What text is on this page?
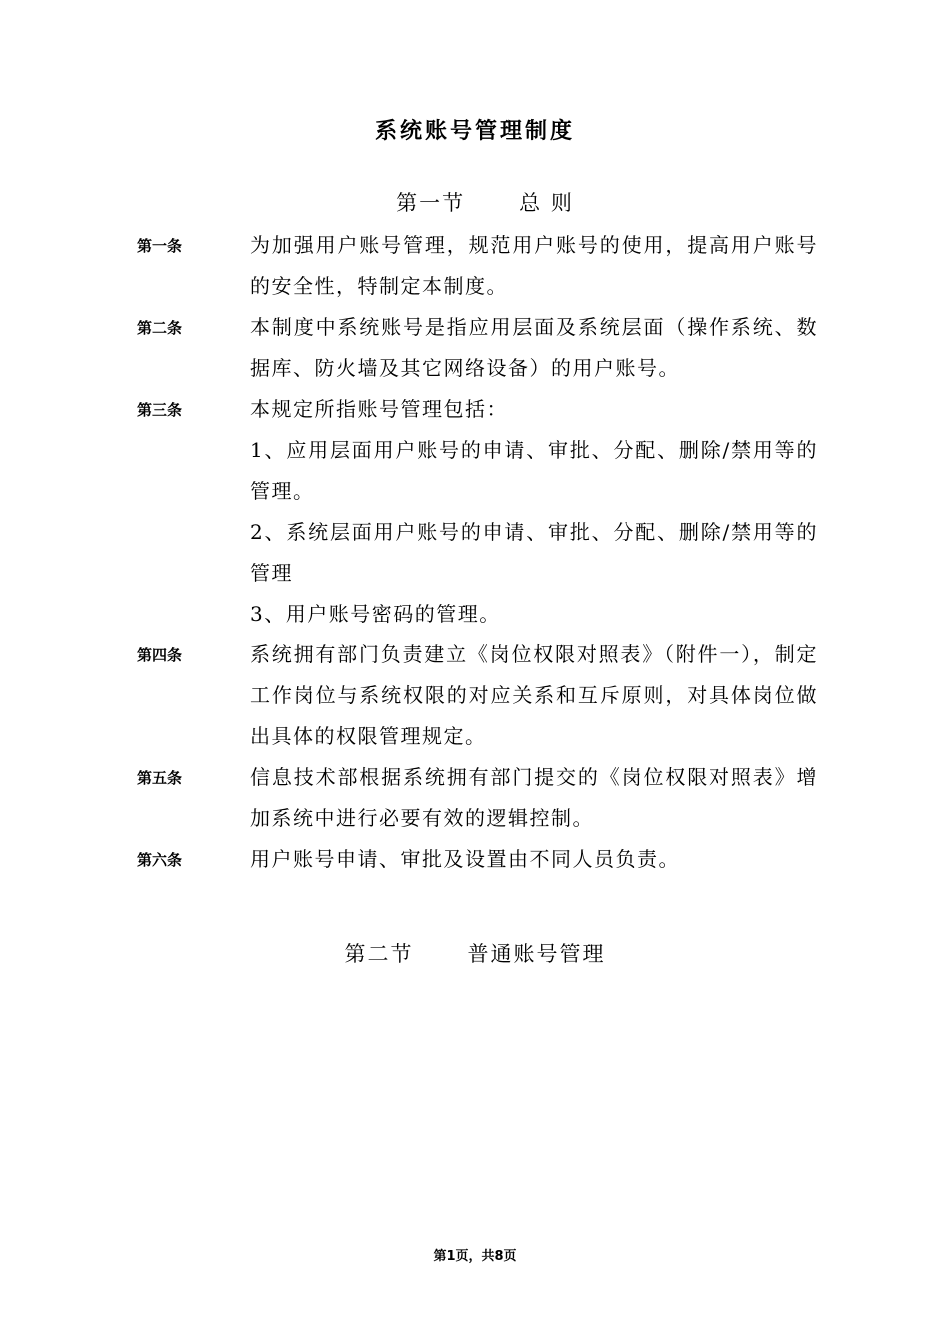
系统账号管理制度
第一节	总 则
第一条	为加强用户账号管理，规范用户账号的使用，提高用户账号的安全性，特制定本制度。

第二条	本制度中系统账号是指应用层面及系统层面（操作系统、数据库、防火墙及其它网络设备）的用户账号。

第三条	本规定所指账号管理包括：

1、应用层面用户账号的申请、审批、分配、删除/禁用等的管理。

2、系统层面用户账号的申请、审批、分配、删除/禁用等的管理

3、用户账号密码的管理。

第四条	系统拥有部门负责建立《岗位权限对照表》（附件一），制定工作岗位与系统权限的对应关系和互斥原则，对具体岗位做出具体的权限管理规定。

第五条	信息技术部根据系统拥有部门提交的《岗位权限对照表》增加系统中进行必要有效的逻辑控制。

第六条	用户账号申请、审批及设置由不同人员负责。

第二节	普通账号管理
第1页，共8页
